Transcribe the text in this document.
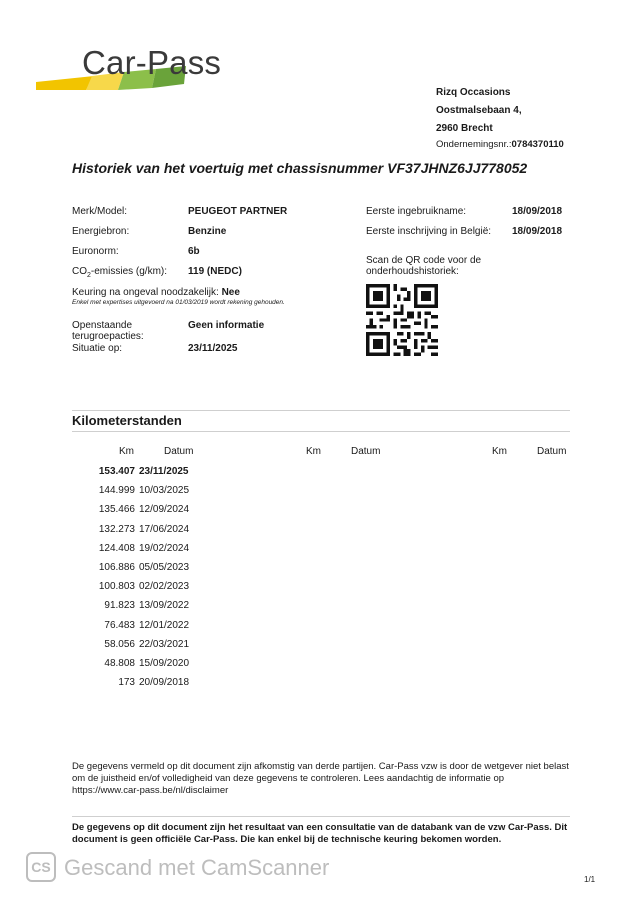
Car-Pass
Rizq Occasions
Oostmalsebaan 4,
2960 Brecht
Ondernemingsnr.:0784370110
Historiek van het voertuig met chassisnummer VF37JHNZ6JJ778052
Merk/Model:	PEUGEOT PARTNER
Energiebron:	Benzine
Euronorm:	6b
$CO_2$-emissies (g/km): 119 (NEDC)
Keuring na ongeval noodzakelijk: Nee
Enkel met expertises uitgevoerd na 01/03/2019 wordt rekening gehouden.
Openstaande
terugroepacties:
Geen informatie
Situatie op:	23/11/2025
Eerste ingebruikname:	18/09/2018
Eerste inschrijving in België: 18/09/2018
Scan de QR code voor de
onderhoudshistoriek:
Kilometerstanden
Km	Datum	Km	Datum	Km	Datum
153.407 23/11/2025
144.999 10/03/2025
135.466 12/09/2024
132.273 17/06/2024
124.408 19/02/2024
106.886 05/05/2023
100.803 02/02/2023
91.823 13/09/2022
76.483 12/01/2022
58.056 22/03/2021
48.808 15/09/2020
173 20/09/2018
De gegevens vermeld op dit document zijn afkomstig van derde partijen. Car-Pass vzw is door de wetgever niet belast om de juistheid en/of volledigheid van deze gegevens te controleren. Lees aandachtig de informatie op https://www.car-pass.be/nl/disclaimer
De gegevens op dit document zijn het resultaat van een consultatie van de databank van de vzw Car-Pass. Dit document is geen officiële Car-Pass. Die kan enkel bij de technische keuring bekomen worden.
CS Gescand met CamScanner	1/1
